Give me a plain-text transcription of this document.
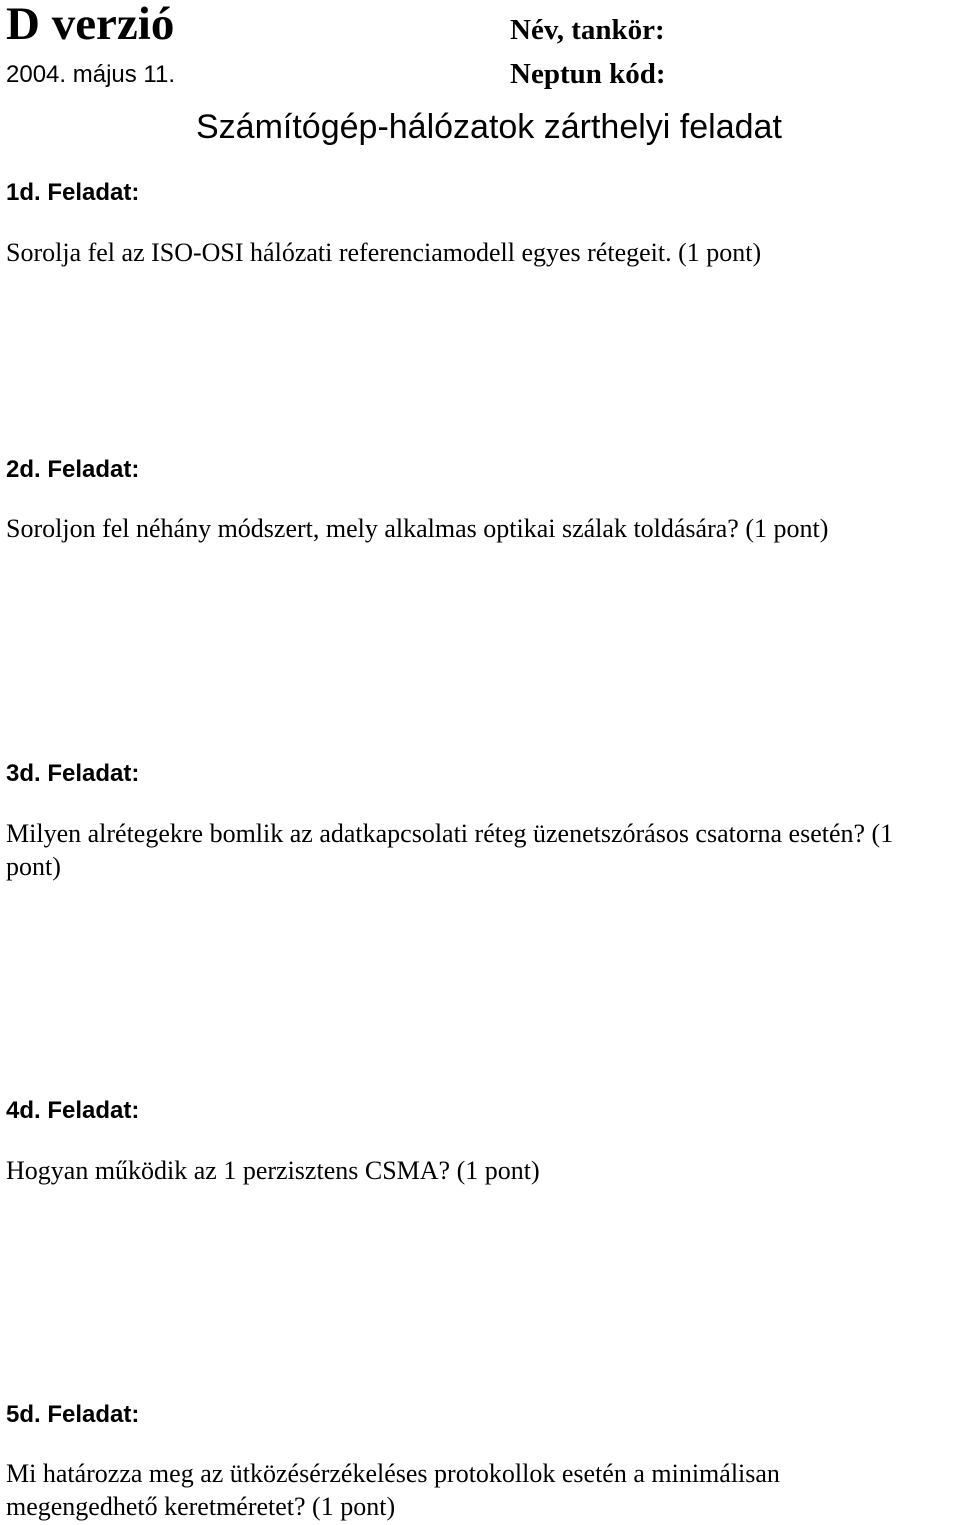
D verzió
2004. május 11.
Név, tankör:
Neptun kód:
Számítógép-hálózatok zárthelyi feladat
1d. Feladat:
Sorolja fel az ISO-OSI hálózati referenciamodell egyes rétegeit. (1 pont)
2d. Feladat:
Soroljon fel néhány módszert, mely alkalmas optikai szálak toldására? (1 pont)
3d. Feladat:
Milyen alrétegekre bomlik az adatkapcsolati réteg üzenetszórásos csatorna esetén? (1
pont)
4d. Feladat:
Hogyan működik az 1 perzisztens CSMA? (1 pont)
5d. Feladat:
Mi határozza meg az ütközésérzékeléses protokollok esetén a minimálisan
megengedhető keretméretet? (1 pont)
